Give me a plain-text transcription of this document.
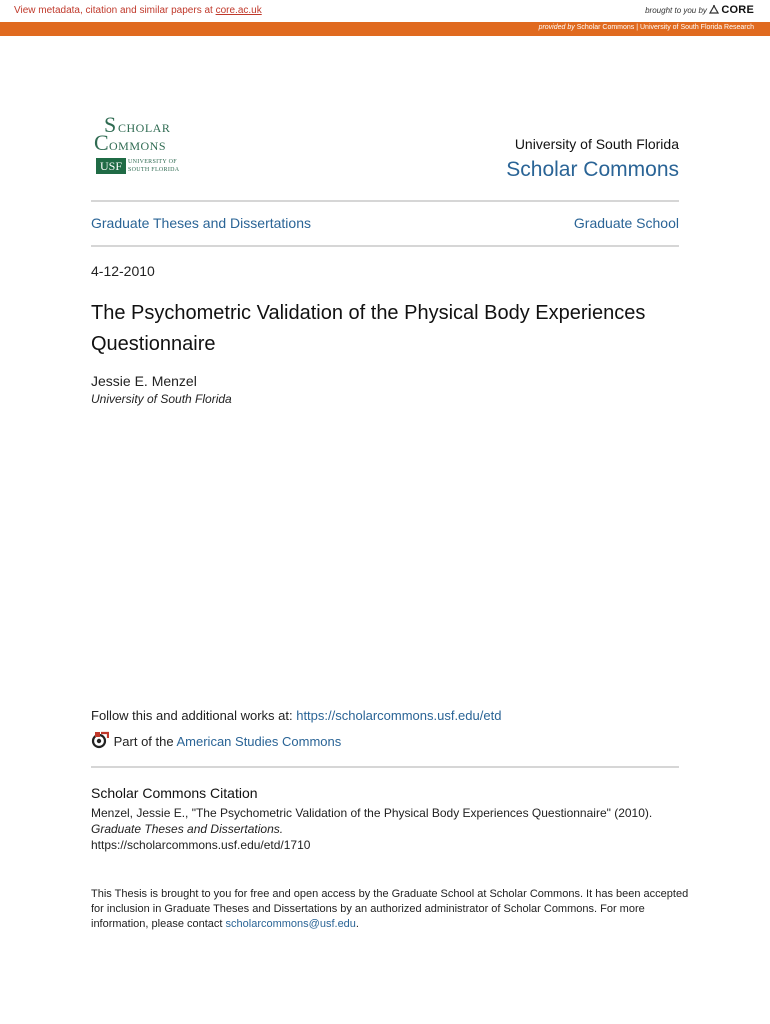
View metadata, citation and similar papers at core.ac.uk	brought to you by CORE
provided by Scholar Commons | University of South Florida Research
S CHOLAR
C OMMONS
USF	UNIVERSITY OF
SOUTH FLORIDA
University of South Florida
Scholar Commons
Graduate Theses and Dissertations	Graduate School
4-12-2010
The Psychometric Validation of the Physical Body Experiences Questionnaire
Jessie E. Menzel
University of South Florida
Follow this and additional works at: https://scholarcommons.usf.edu/etd
Part of the American Studies Commons
Scholar Commons Citation
Menzel, Jessie E., "The Psychometric Validation of the Physical Body Experiences Questionnaire" (2010).
Graduate Theses and Dissertations.
https://scholarcommons.usf.edu/etd/1710
This Thesis is brought to you for free and open access by the Graduate School at Scholar Commons. It has been accepted for inclusion in Graduate Theses and Dissertations by an authorized administrator of Scholar Commons. For more information, please contact scholarcommons@usf.edu.
